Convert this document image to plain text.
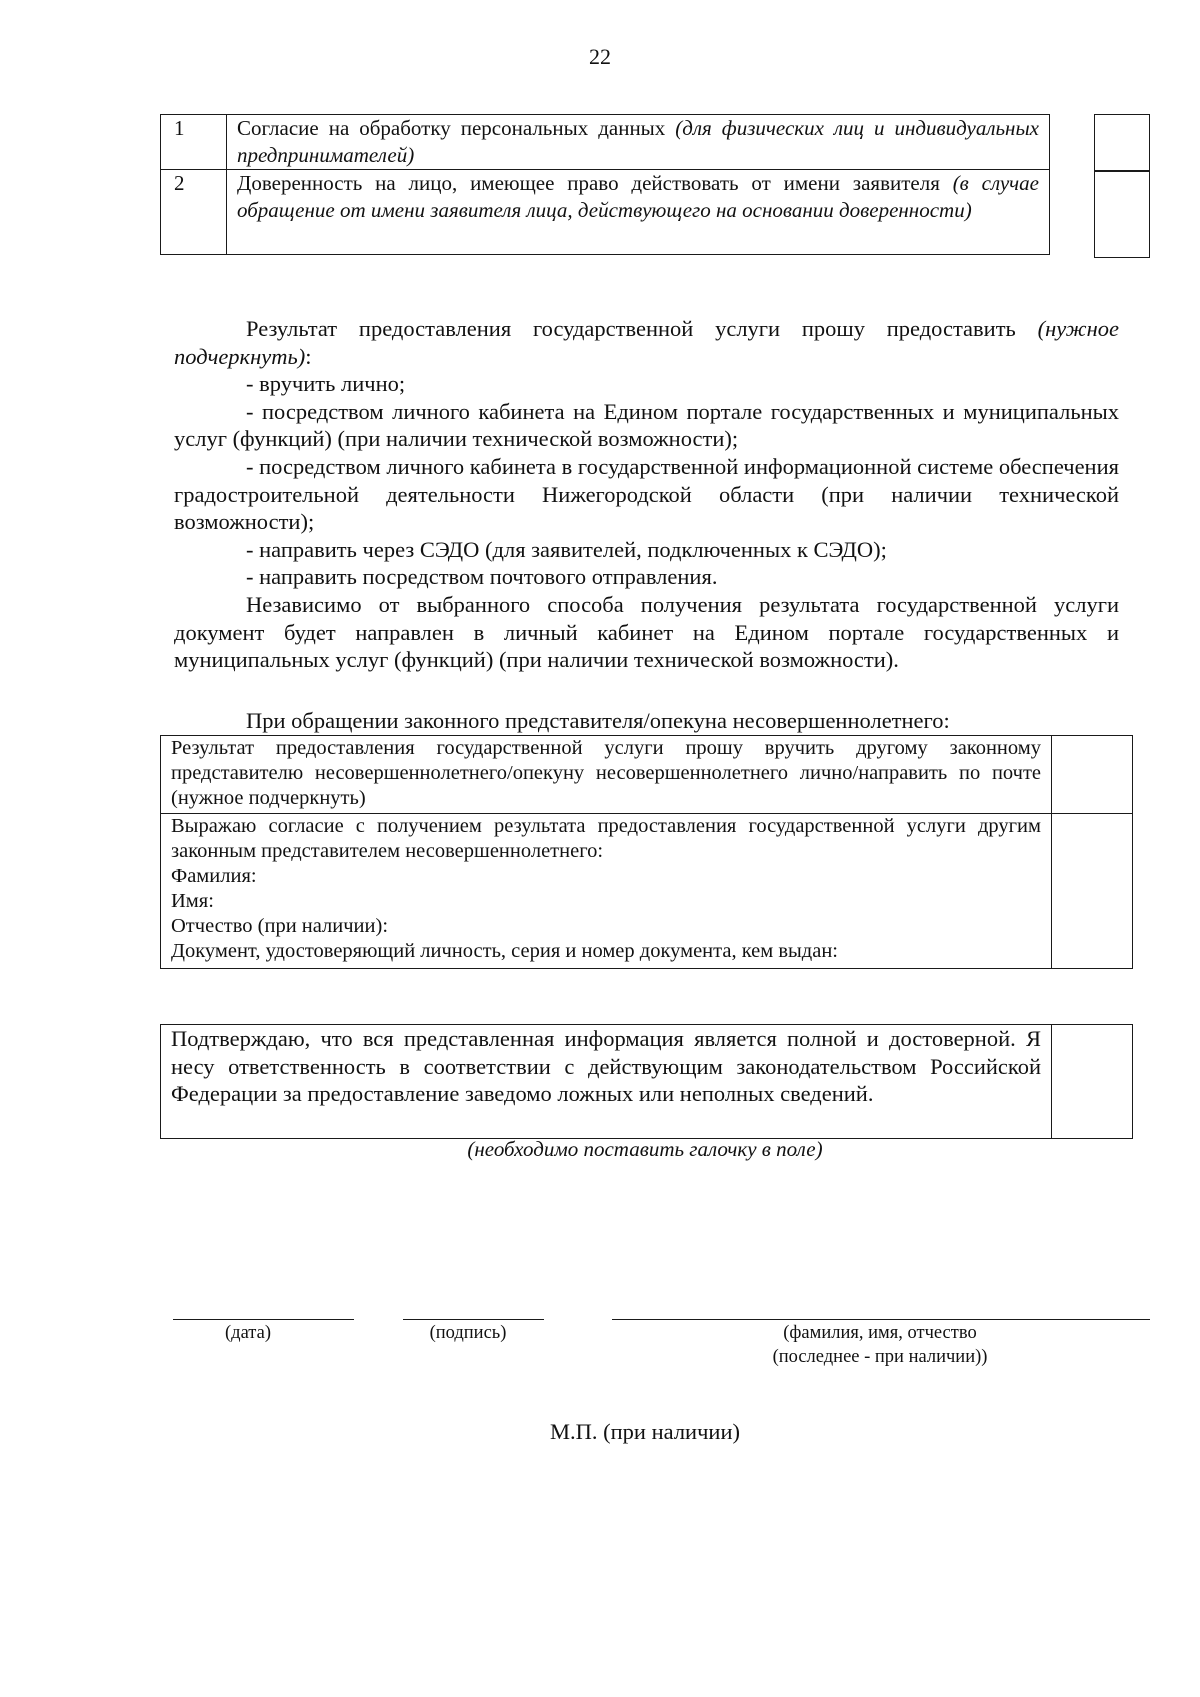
22
1	Согласие на обработку персональных данных (для физических лиц и индивидуальных предпринимателей)
2	Доверенность на лицо, имеющее право действовать от имени заявителя (в случае обращение от имени заявителя лица, действующего на основании доверенности)

Результат предоставления государственной услуги прошу предоставить (нужное подчеркнуть):

- вручить лично;

- посредством личного кабинета на Едином портале государственных и муниципальных услуг (функций) (при наличии технической возможности);

- посредством личного кабинета в государственной информационной системе обеспечения градостроительной деятельности Нижегородской области (при наличии технической возможности);

- направить через СЭДО (для заявителей, подключенных к СЭДО);

- направить посредством почтового отправления.

Независимо от выбранного способа получения результата государственной услуги документ будет направлен в личный кабинет на Едином портале государственных и муниципальных услуг (функций) (при наличии технической возможности).

При обращении законного представителя/опекуна несовершеннолетнего:
Результат предоставления государственной услуги прошу вручить другому законному представителю несовершеннолетнего/опекуну несовершеннолетнего лично/направить по почте (нужное подчеркнуть)	

Выражаю согласие с получением результата предоставления государственной услуги другим законным представителем несовершеннолетнего:
Фамилия:
Имя:
Отчество (при наличии):
Документ, удостоверяющий личность, серия и номер документа, кем выдан:	

Подтверждаю, что вся представленная информация является полной и достоверной. Я несу ответственность в соответствии с действующим законодательством Российской Федерации за предоставление заведомо ложных или неполных сведений.	
(необходимо поставить галочку в поле)
(дата)	(подпись)	(фамилия, имя, отчество
(последнее - при наличии))
М.П. (при наличии)
